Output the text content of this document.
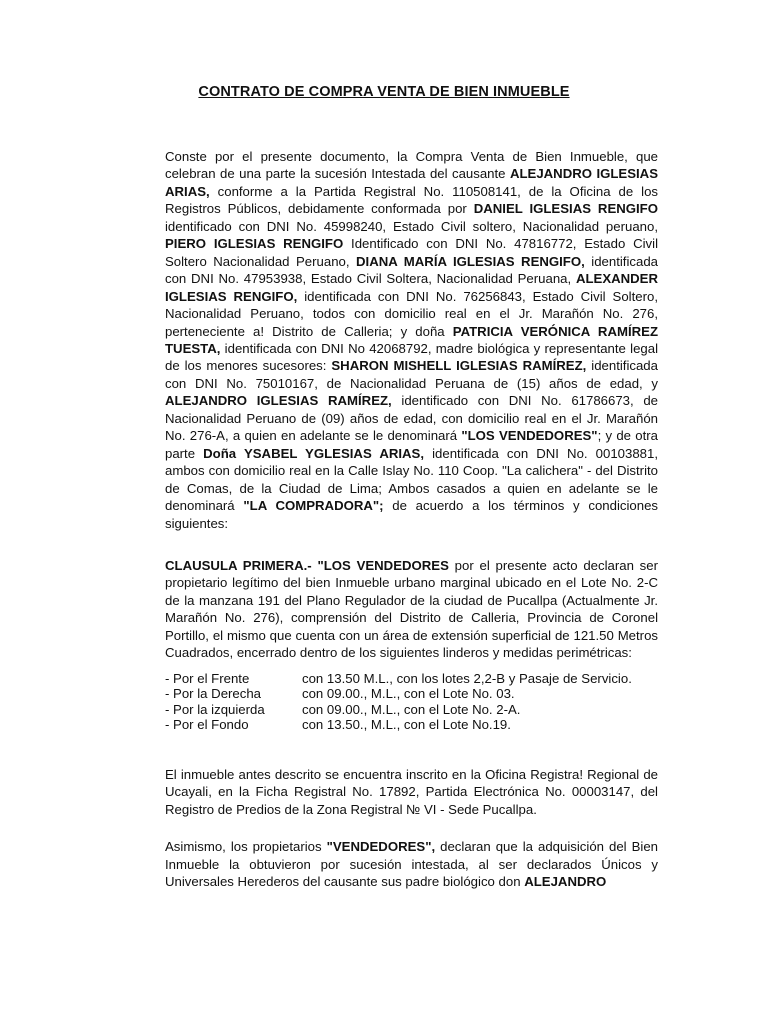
CONTRATO DE COMPRA VENTA DE BIEN INMUEBLE

Conste por el presente documento, la Compra Venta de Bien Inmueble, que celebran de una parte la sucesión Intestada del causante ALEJANDRO IGLESIAS ARIAS, conforme a la Partida Registral No. 110508141, de la Oficina de los Registros Públicos, debidamente conformada por DANIEL IGLESIAS RENGIFO identificado con DNI No. 45998240, Estado Civil soltero, Nacionalidad peruano, PIERO IGLESIAS RENGIFO Identificado con DNI No. 47816772, Estado Civil Soltero Nacionalidad Peruano, DIANA MARÍA IGLESIAS RENGIFO, identificada con DNI No. 47953938, Estado Civil Soltera, Nacionalidad Peruana, ALEXANDER IGLESIAS RENGIFO, identificada con DNI No. 76256843, Estado Civil Soltero, Nacionalidad Peruano, todos con domicilio real en el Jr. Marañón No. 276, perteneciente a! Distrito de Calleria; y doña PATRICIA VERÓNICA RAMÍREZ TUESTA, identificada con DNI No 42068792, madre biológica y representante legal de los menores sucesores: SHARON MISHELL IGLESIAS RAMÍREZ, identificada con DNI No. 75010167, de Nacionalidad Peruana de (15) años de edad, y ALEJANDRO IGLESIAS RAMÍREZ, identificado con DNI No. 61786673, de Nacionalidad Peruano de (09) años de edad, con domicilio real en el Jr. Marañón No. 276-A, a quien en adelante se le denominará "LOS VENDEDORES"; y de otra parte Doña YSABEL YGLESIAS ARIAS, identificada con DNI No. 00103881, ambos con domicilio real en la Calle Islay No. 110 Coop. "La calichera" - del Distrito de Comas, de la Ciudad de Lima; Ambos casados a quien en adelante se le denominará "LA COMPRADORA"; de acuerdo a los términos y condiciones siguientes:

CLAUSULA PRIMERA.- "LOS VENDEDORES por el presente acto declaran ser propietario legítimo del bien Inmueble urbano marginal ubicado en el Lote No. 2-C de la manzana 191 del Plano Regulador de la ciudad de Pucallpa (Actualmente Jr. Marañón No. 276), comprensión del Distrito de Calleria, Provincia de Coronel Portillo, el mismo que cuenta con un área de extensión superficial de 121.50 Metros Cuadrados, encerrado dentro de los siguientes linderos y medidas perimétricas:

- Por el Frente	con 13.50 M.L., con los lotes 2,2-B y Pasaje de Servicio.
- Por la Derecha	con 09.00., M.L., con el Lote No. 03.
- Por la izquierda	con 09.00., M.L., con el Lote No. 2-A.
- Por el Fondo	con 13.50., M.L., con el Lote No.19.

El inmueble antes descrito se encuentra inscrito en la Oficina Registra! Regional de Ucayali, en la Ficha Registral No. 17892, Partida Electrónica No. 00003147, del Registro de Predios de la Zona Registral № VI - Sede Pucallpa.

Asimismo, los propietarios "VENDEDORES", declaran que la adquisición del Bien Inmueble la obtuvieron por sucesión intestada, al ser declarados Únicos y Universales Herederos del causante sus padre biológico don ALEJANDRO
